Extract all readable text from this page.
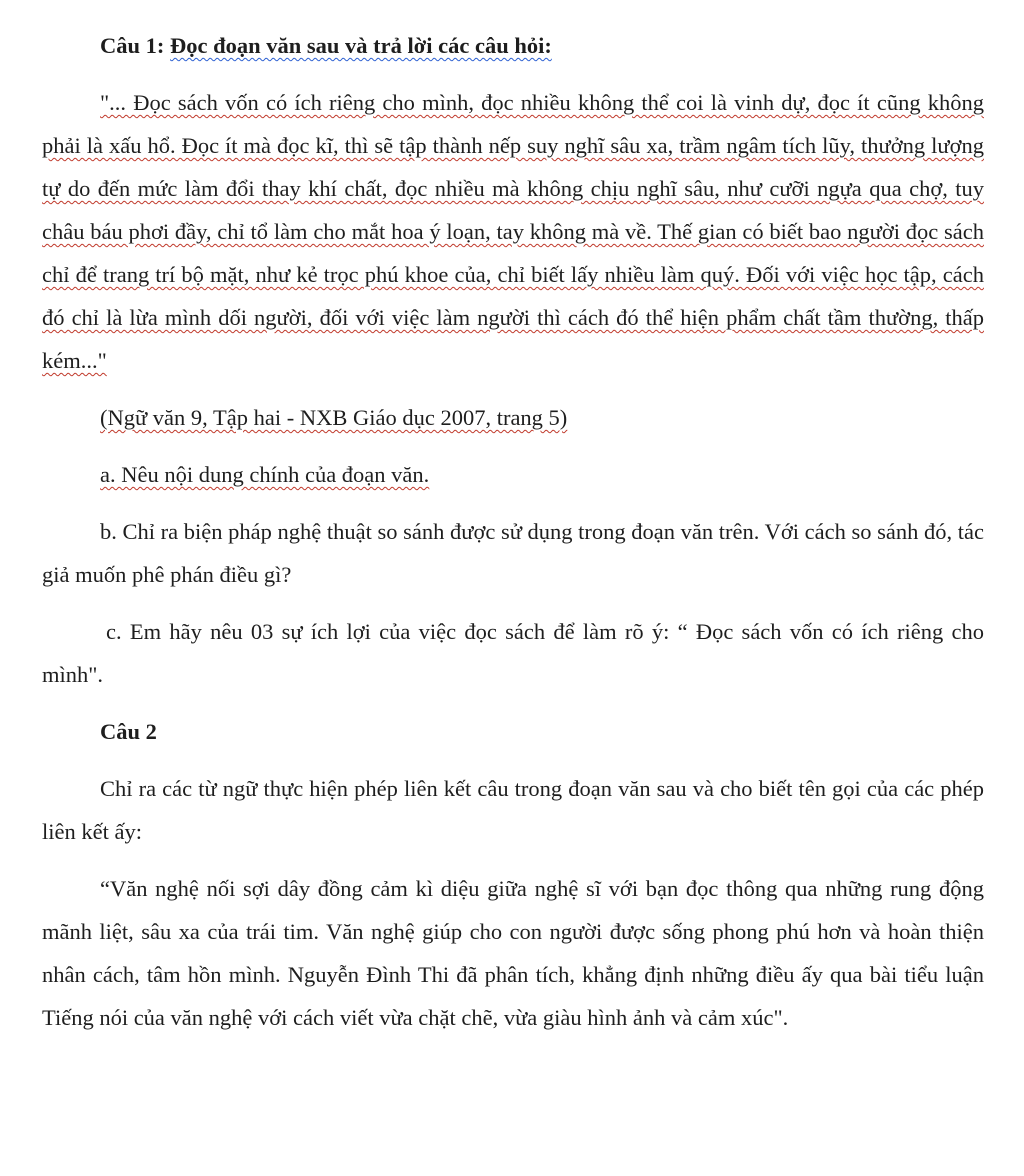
Câu 1: Đọc đoạn văn sau và trả lời các câu hỏi:

"... Đọc sách vốn có ích riêng cho mình, đọc nhiều không thể coi là vinh dự, đọc ít cũng không phải là xấu hổ. Đọc ít mà đọc kĩ, thì sẽ tập thành nếp suy nghĩ sâu xa, trầm ngâm tích lũy, thưởng lượng tự do đến mức làm đổi thay khí chất, đọc nhiều mà không chịu nghĩ sâu, như cưỡi ngựa qua chợ, tuy châu báu phơi đầy, chỉ tổ làm cho mắt hoa ý loạn, tay không mà về. Thế gian có biết bao người đọc sách chỉ để trang trí bộ mặt, như kẻ trọc phú khoe của, chỉ biết lấy nhiều làm quý. Đối với việc học tập, cách đó chỉ là lừa mình dối người, đối với việc làm người thì cách đó thể hiện phẩm chất tầm thường, thấp kém..."

(Ngữ văn 9, Tập hai - NXB Giáo dục 2007, trang 5)
a. Nêu nội dung chính của đoạn văn.

b. Chỉ ra biện pháp nghệ thuật so sánh được sử dụng trong đoạn văn trên. Với cách so sánh đó, tác giả muốn phê phán điều gì?

c. Em hãy nêu 03 sự ích lợi của việc đọc sách để làm rõ ý: “ Đọc sách vốn có ích riêng cho mình".

Câu 2

Chỉ ra các từ ngữ thực hiện phép liên kết câu trong đoạn văn sau và cho biết tên gọi của các phép liên kết ấy:

“Văn nghệ nối sợi dây đồng cảm kì diệu giữa nghệ sĩ với bạn đọc thông qua những rung động mãnh liệt, sâu xa của trái tim. Văn nghệ giúp cho con người được sống phong phú hơn và hoàn thiện nhân cách, tâm hồn mình. Nguyễn Đình Thi đã phân tích, khẳng định những điều ấy qua bài tiểu luận Tiếng nói của văn nghệ với cách viết vừa chặt chẽ, vừa giàu hình ảnh và cảm xúc".
